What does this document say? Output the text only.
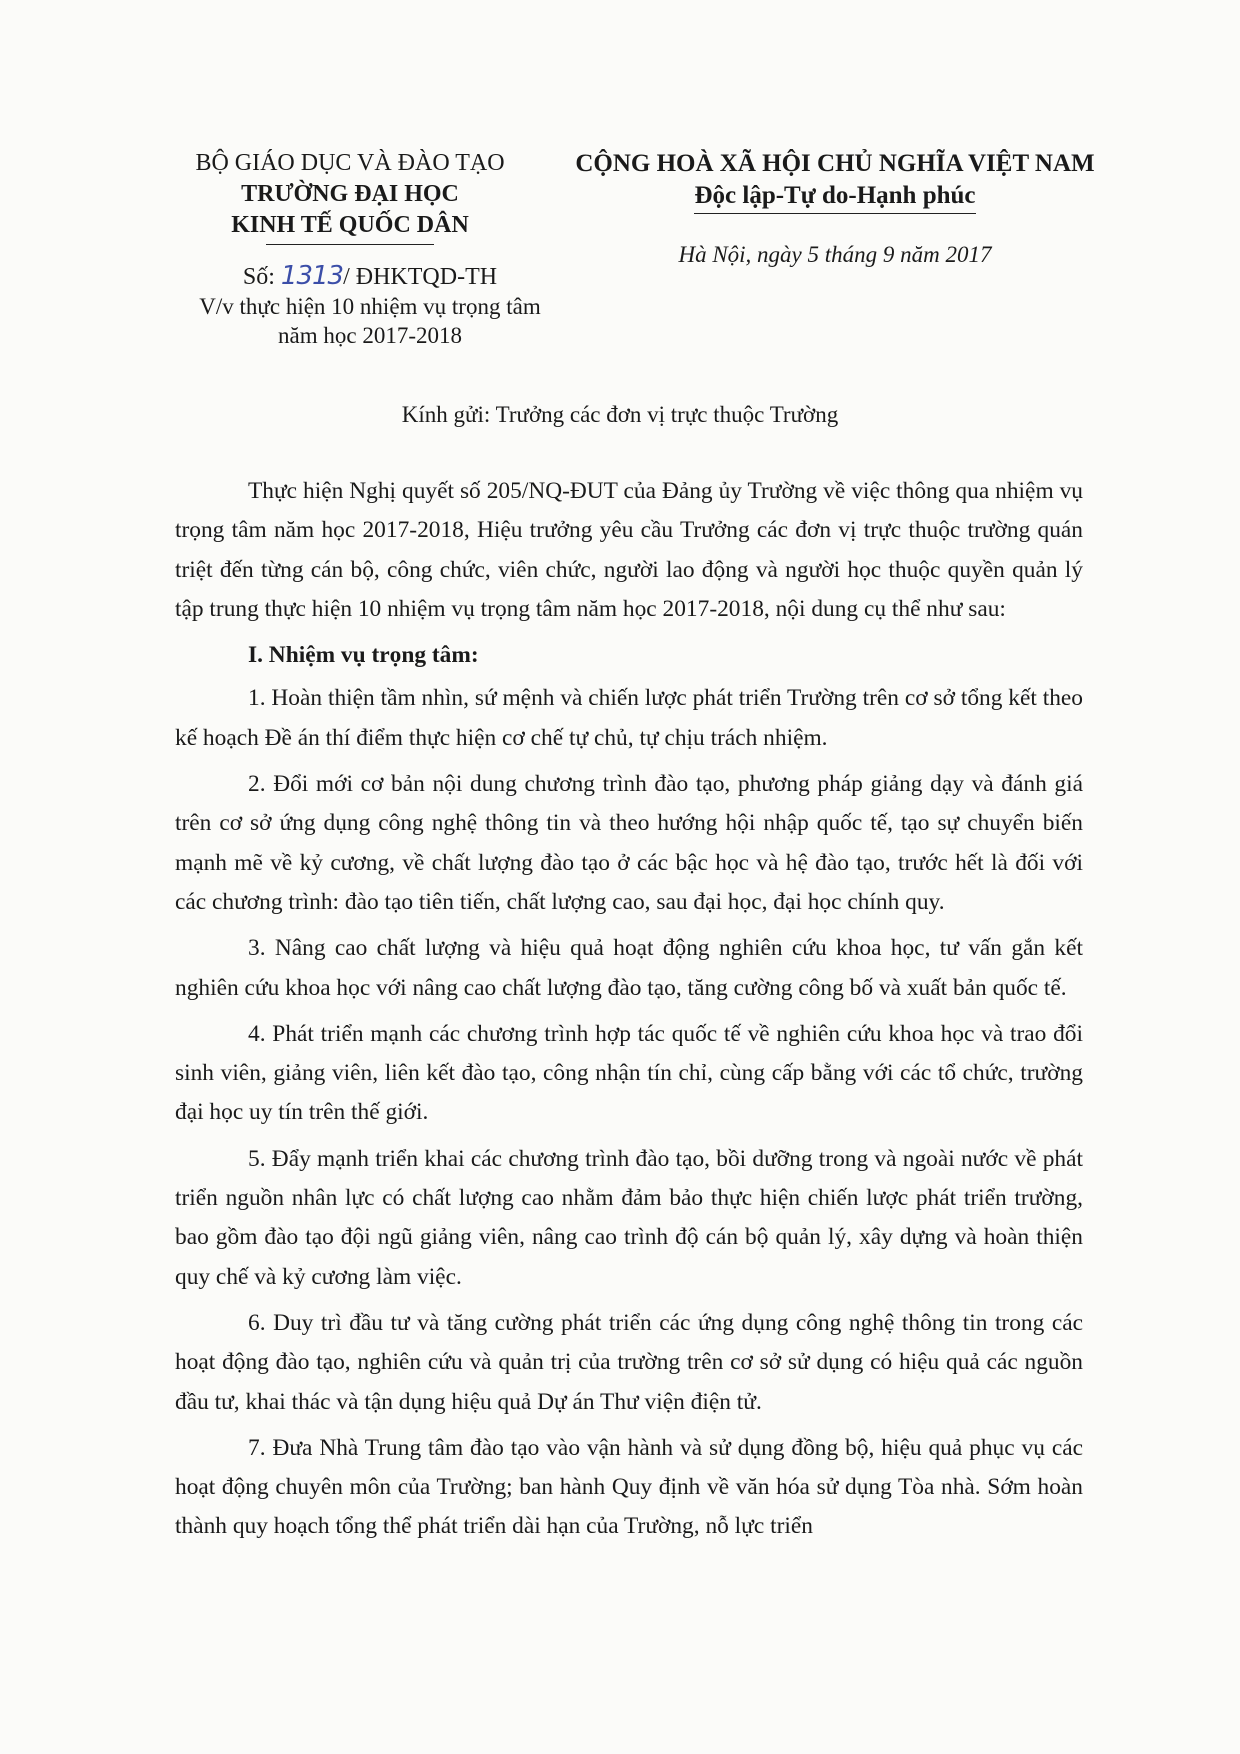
BỘ GIÁO DỤC VÀ ĐÀO TẠO
TRƯỜNG ĐẠI HỌC
KINH TẾ QUỐC DÂN
Số: 1313/ ĐHKTQD-TH
V/v thực hiện 10 nhiệm vụ trọng tâm
năm học 2017-2018
CỘNG HOÀ XÃ HỘI CHỦ NGHĨA VIỆT NAM
Độc lập-Tự do-Hạnh phúc
Hà Nội, ngày 5 tháng 9 năm 2017
Kính gửi: Trưởng các đơn vị trực thuộc Trường

Thực hiện Nghị quyết số 205/NQ-ĐUT của Đảng ủy Trường về việc thông qua nhiệm vụ trọng tâm năm học 2017-2018, Hiệu trưởng yêu cầu Trưởng các đơn vị trực thuộc trường quán triệt đến từng cán bộ, công chức, viên chức, người lao động và người học thuộc quyền quản lý tập trung thực hiện 10 nhiệm vụ trọng tâm năm học 2017-2018, nội dung cụ thể như sau:

I. Nhiệm vụ trọng tâm:

1. Hoàn thiện tầm nhìn, sứ mệnh và chiến lược phát triển Trường trên cơ sở tổng kết theo kế hoạch Đề án thí điểm thực hiện cơ chế tự chủ, tự chịu trách nhiệm.

2. Đổi mới cơ bản nội dung chương trình đào tạo, phương pháp giảng dạy và đánh giá trên cơ sở ứng dụng công nghệ thông tin và theo hướng hội nhập quốc tế, tạo sự chuyển biến mạnh mẽ về kỷ cương, về chất lượng đào tạo ở các bậc học và hệ đào tạo, trước hết là đối với các chương trình: đào tạo tiên tiến, chất lượng cao, sau đại học, đại học chính quy.

3. Nâng cao chất lượng và hiệu quả hoạt động nghiên cứu khoa học, tư vấn gắn kết nghiên cứu khoa học với nâng cao chất lượng đào tạo, tăng cường công bố và xuất bản quốc tế.

4. Phát triển mạnh các chương trình hợp tác quốc tế về nghiên cứu khoa học và trao đổi sinh viên, giảng viên, liên kết đào tạo, công nhận tín chỉ, cùng cấp bằng với các tổ chức, trường đại học uy tín trên thế giới.

5. Đẩy mạnh triển khai các chương trình đào tạo, bồi dưỡng trong và ngoài nước về phát triển nguồn nhân lực có chất lượng cao nhằm đảm bảo thực hiện chiến lược phát triển trường, bao gồm đào tạo đội ngũ giảng viên, nâng cao trình độ cán bộ quản lý, xây dựng và hoàn thiện quy chế và kỷ cương làm việc.

6. Duy trì đầu tư và tăng cường phát triển các ứng dụng công nghệ thông tin trong các hoạt động đào tạo, nghiên cứu và quản trị của trường trên cơ sở sử dụng có hiệu quả các nguồn đầu tư, khai thác và tận dụng hiệu quả Dự án Thư viện điện tử.

7. Đưa Nhà Trung tâm đào tạo vào vận hành và sử dụng đồng bộ, hiệu quả phục vụ các hoạt động chuyên môn của Trường; ban hành Quy định về văn hóa sử dụng Tòa nhà. Sớm hoàn thành quy hoạch tổng thể phát triển dài hạn của Trường, nỗ lực triển
